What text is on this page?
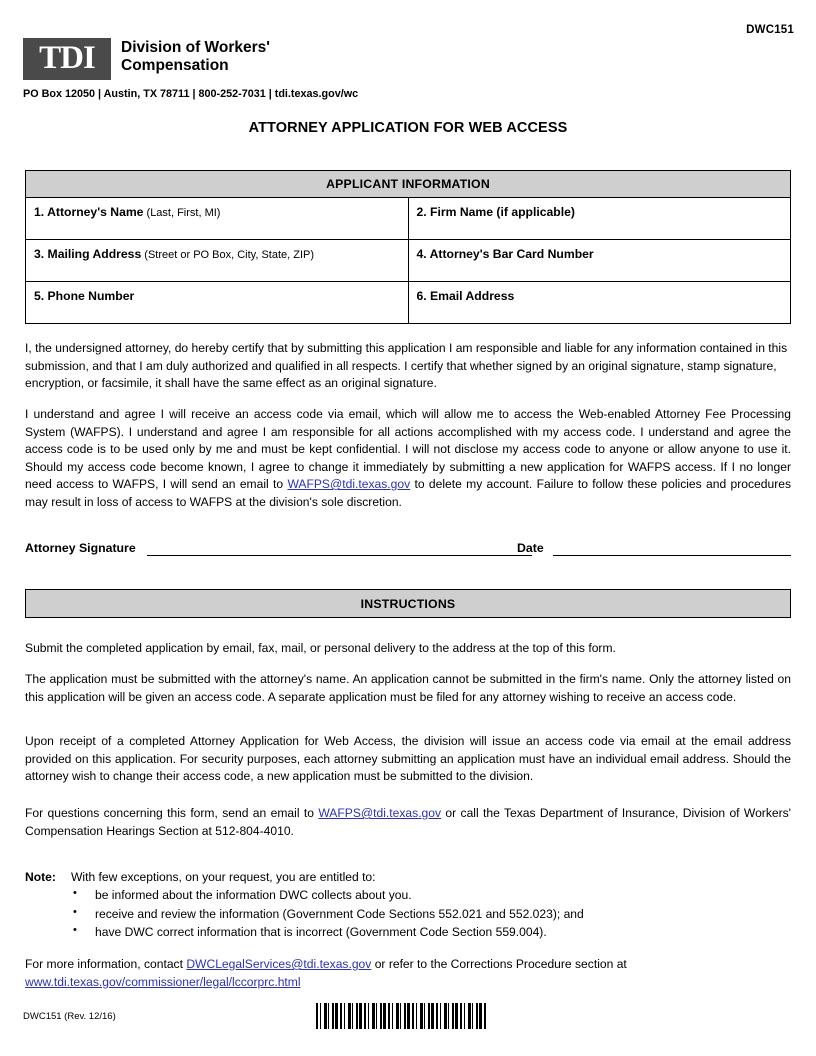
DWC151
TDI	Division of Workers'
Compensation
PO Box 12050 | Austin, TX 78711 | 800-252-7031 | tdi.texas.gov/wc
ATTORNEY APPLICATION FOR WEB ACCESS
APPLICANT INFORMATION	
1. Attorney's Name (Last, First, MI)	2. Firm Name (if applicable)
3. Mailing Address (Street or PO Box, City, State, ZIP)	4. Attorney's Bar Card Number
5. Phone Number	6. Email Address
I, the undersigned attorney, do hereby certify that by submitting this application I am responsible and liable for any information contained in this submission, and that I am duly authorized and qualified in all respects. I certify that whether signed by an original signature, stamp signature, encryption, or facsimile, it shall have the same effect as an original signature.
I understand and agree I will receive an access code via email, which will allow me to access the Web-enabled Attorney Fee Processing System (WAFPS). I understand and agree I am responsible for all actions accomplished with my access code. I understand and agree the access code is to be used only by me and must be kept confidential. I will not disclose my access code to anyone or allow anyone to use it. Should my access code become known, I agree to change it immediately by submitting a new application for WAFPS access. If I no longer need access to WAFPS, I will send an email to WAFPS@tdi.texas.gov to delete my account. Failure to follow these policies and procedures may result in loss of access to WAFPS at the division's sole discretion.
Attorney Signature	Date
INSTRUCTIONS
Submit the completed application by email, fax, mail, or personal delivery to the address at the top of this form.
The application must be submitted with the attorney's name. An application cannot be submitted in the firm's name. Only the attorney listed on this application will be given an access code. A separate application must be filed for any attorney wishing to receive an access code.
Upon receipt of a completed Attorney Application for Web Access, the division will issue an access code via email at the email address provided on this application. For security purposes, each attorney submitting an application must have an individual email address. Should the attorney wish to change their access code, a new application must be submitted to the division.
For questions concerning this form, send an email to WAFPS@tdi.texas.gov or call the Texas Department of Insurance, Division of Workers' Compensation Hearings Section at 512-804-4010.
Note:	With few exceptions, on your request, you are entitled to:
• be informed about the information DWC collects about you.
• receive and review the information (Government Code Sections 552.021 and 552.023); and
• have DWC correct information that is incorrect (Government Code Section 559.004).
For more information, contact DWCLegalServices@tdi.texas.gov or refer to the Corrections Procedure section at www.tdi.texas.gov/commissioner/legal/lccorprc.html
DWC151 (Rev. 12/16)
